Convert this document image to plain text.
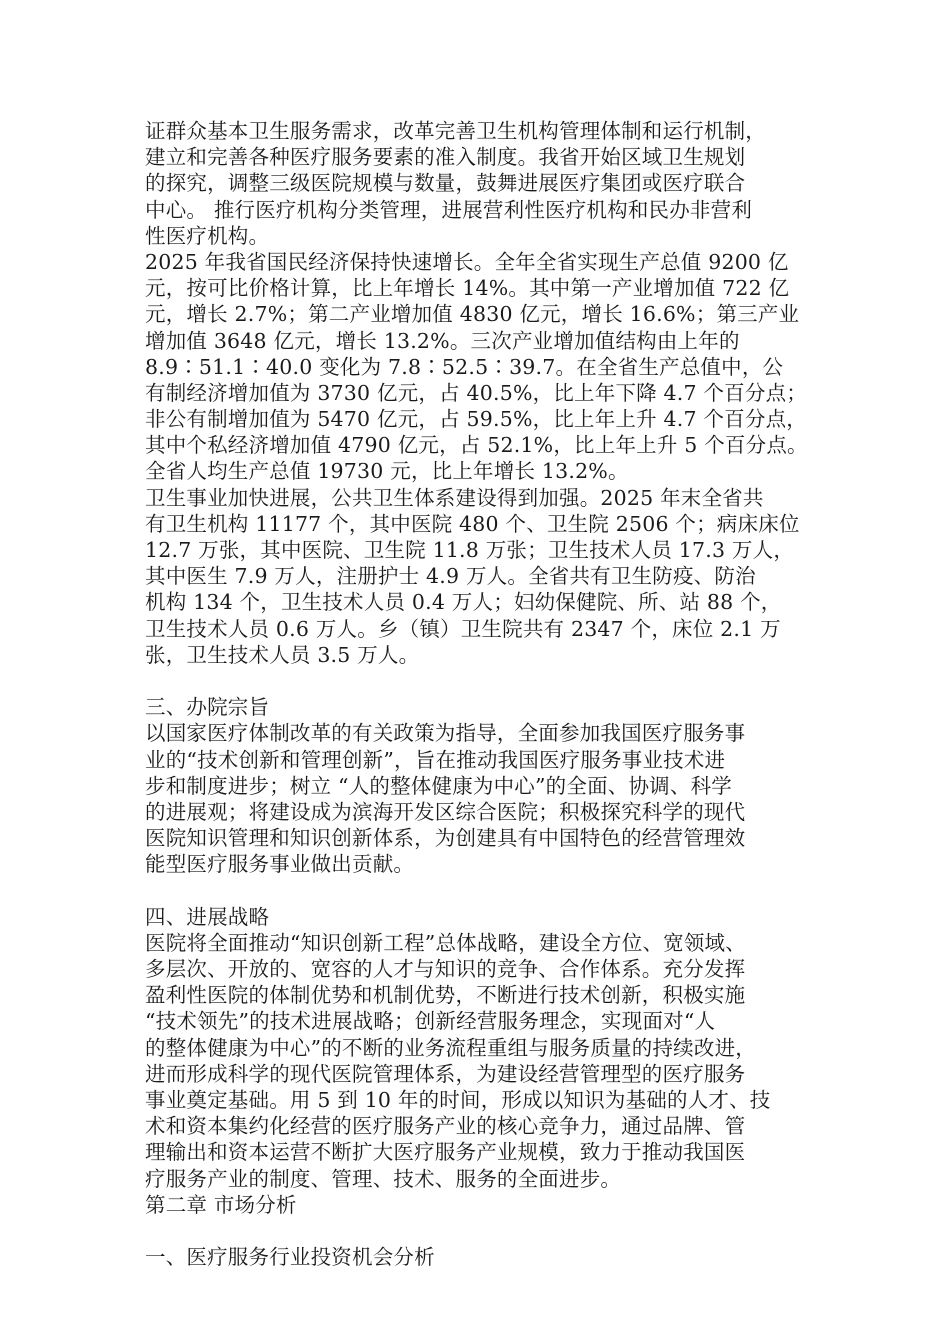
证群众基本卫生服务需求，改革完善卫生机构管理体制和运行机制，
建立和完善各种医疗服务要素的准入制度。我省开始区域卫生规划
的探究，调整三级医院规模与数量，鼓舞进展医疗集团或医疗联合
中心。 推行医疗机构分类管理，进展营利性医疗机构和民办非营利
性医疗机构。
2025 年我省国民经济保持快速增长。全年全省实现生产总值 9200 亿
元，按可比价格计算，比上年增长 14%。其中第一产业增加值 722 亿
元，增长 2.7%；第二产业增加值 4830 亿元，增长 16.6%；第三产业
增加值 3648 亿元，增长 13.2%。三次产业增加值结构由上年的
8.9∶51.1∶40.0 变化为 7.8∶52.5∶39.7。在全省生产总值中，公
有制经济增加值为 3730 亿元，占 40.5%，比上年下降 4.7 个百分点；
非公有制增加值为 5470 亿元，占 59.5%，比上年上升 4.7 个百分点，
其中个私经济增加值 4790 亿元，占 52.1%，比上年上升 5 个百分点。
全省人均生产总值 19730 元，比上年增长 13.2%。
卫生事业加快进展，公共卫生体系建设得到加强。2025 年末全省共
有卫生机构 11177 个，其中医院 480 个、卫生院 2506 个；病床床位
12.7 万张，其中医院、卫生院 11.8 万张；卫生技术人员 17.3 万人，
其中医生 7.9 万人，注册护士 4.9 万人。全省共有卫生防疫、防治
机构 134 个，卫生技术人员 0.4 万人；妇幼保健院、所、站 88 个，
卫生技术人员 0.6 万人。乡（镇）卫生院共有 2347 个，床位 2.1 万
张，卫生技术人员 3.5 万人。
三、办院宗旨
以国家医疗体制改革的有关政策为指导，全面参加我国医疗服务事
业的“技术创新和管理创新”，旨在推动我国医疗服务事业技术进
步和制度进步；树立 “人的整体健康为中心”的全面、协调、科学
的进展观；将建设成为滨海开发区综合医院；积极探究科学的现代
医院知识管理和知识创新体系，为创建具有中国特色的经营管理效
能型医疗服务事业做出贡献。
四、进展战略
医院将全面推动“知识创新工程”总体战略，建设全方位、宽领域、
多层次、开放的、宽容的人才与知识的竞争、合作体系。充分发挥
盈利性医院的体制优势和机制优势，不断进行技术创新，积极实施
“技术领先”的技术进展战略；创新经营服务理念，实现面对“人
的整体健康为中心”的不断的业务流程重组与服务质量的持续改进，
进而形成科学的现代医院管理体系，为建设经营管理型的医疗服务
事业奠定基础。用 5 到 10 年的时间，形成以知识为基础的人才、技
术和资本集约化经营的医疗服务产业的核心竞争力，通过品牌、管
理输出和资本运营不断扩大医疗服务产业规模，致力于推动我国医
疗服务产业的制度、管理、技术、服务的全面进步。
第二章 市场分析
一、医疗服务行业投资机会分析
